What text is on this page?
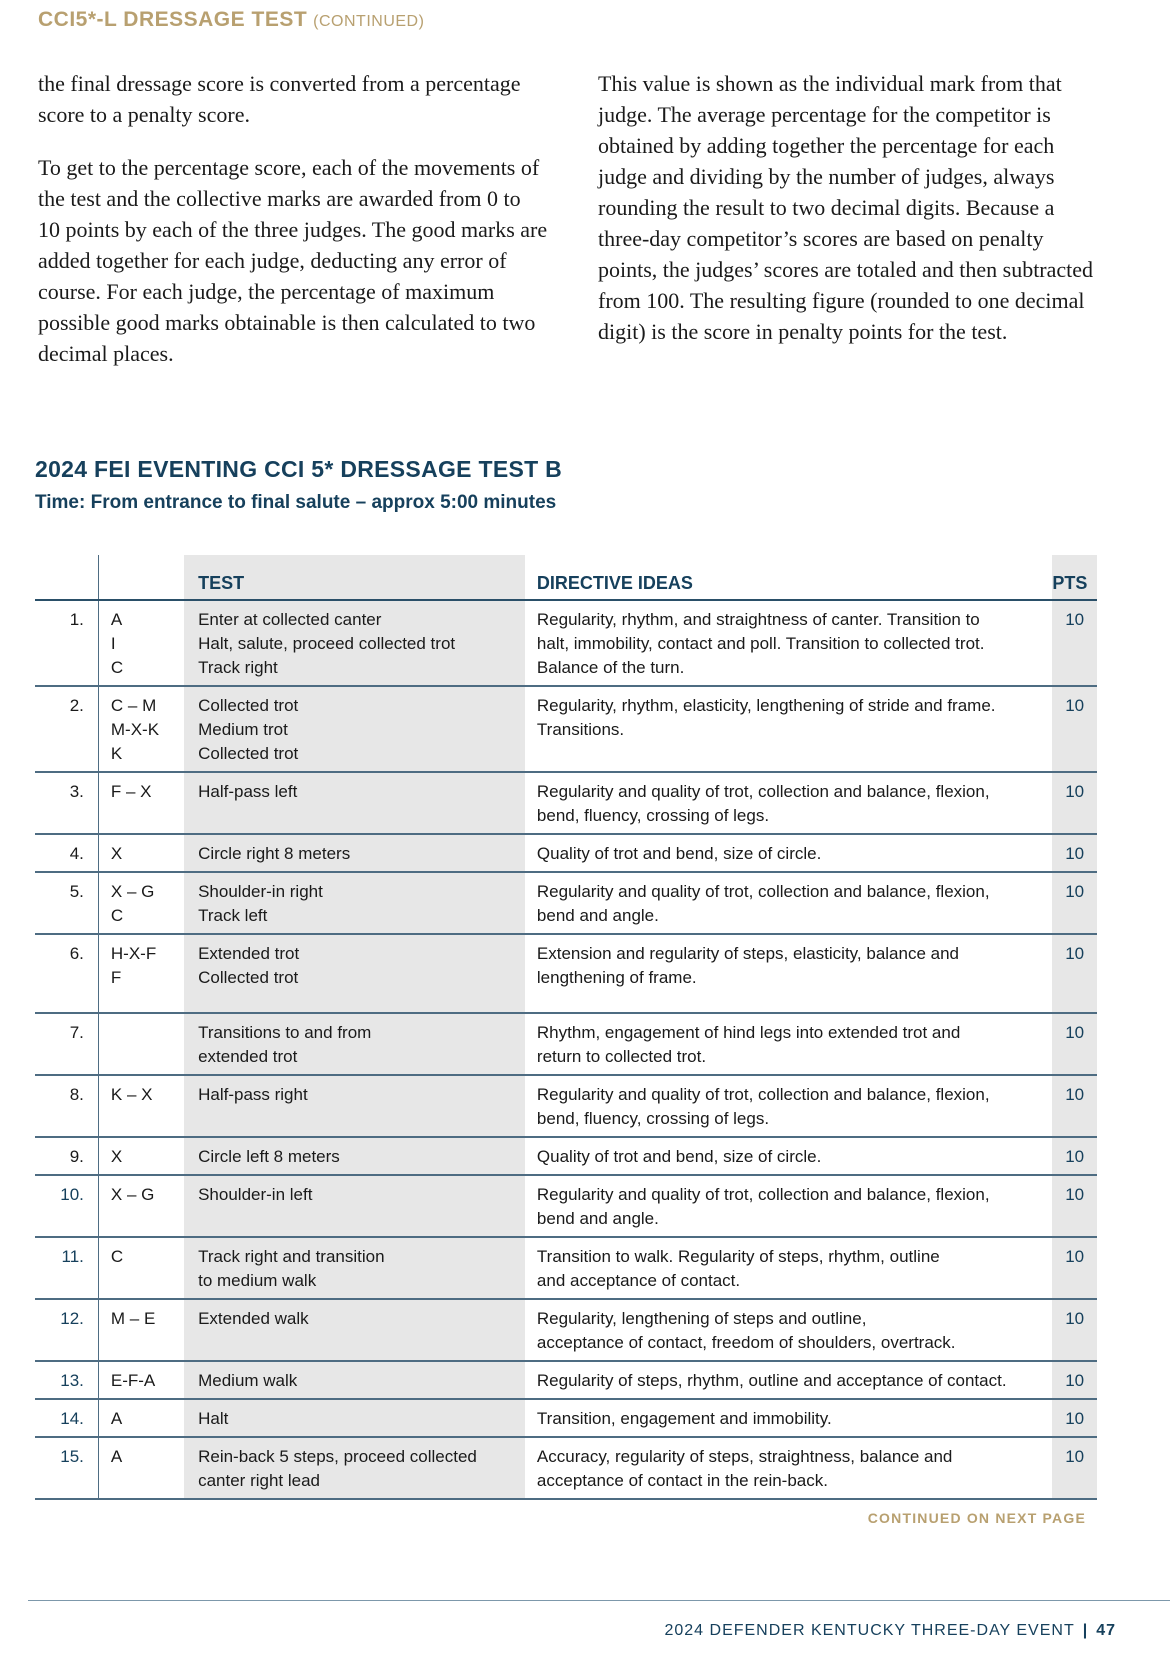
CCI5*-L DRESSAGE TEST (CONTINUED)

the final dressage score is converted from a percentage score to a penalty score.

To get to the percentage score, each of the movements of the test and the collective marks are awarded from 0 to 10 points by each of the three judges. The good marks are added together for each judge, deducting any error of course. For each judge, the percentage of maximum possible good marks obtainable is then calculated to two decimal places.

This value is shown as the individual mark from that judge. The average percentage for the competitor is obtained by adding together the percentage for each judge and dividing by the number of judges, always rounding the result to two decimal digits. Because a three-day competitor’s scores are based on penalty points, the judges’ scores are totaled and then subtracted from 100. The resulting figure (rounded to one decimal digit) is the score in penalty points for the test.

2024 FEI EVENTING CCI 5* DRESSAGE TEST B
Time: From entrance to final salute – approx 5:00 minutes
		TEST	DIRECTIVE IDEAS	PTS
1.	A
I
C	Enter at collected canter
Halt, salute, proceed collected trot
Track right	Regularity, rhythm, and straightness of canter. Transition to
halt, immobility, contact and poll. Transition to collected trot.
Balance of the turn.	10
2.	C – M
M-X-K
K	Collected trot
Medium trot
Collected trot	Regularity, rhythm, elasticity, lengthening of stride and frame.
Transitions.	10
3.	F – X	Half-pass left	Regularity and quality of trot, collection and balance, flexion,
bend, fluency, crossing of legs.	10
4.	X	Circle right 8 meters	Quality of trot and bend, size of circle.	10
5.	X – G
C	Shoulder-in right
Track left	Regularity and quality of trot, collection and balance, flexion,
bend and angle.	10
6.	H-X-F
F	Extended trot
Collected trot	Extension and regularity of steps, elasticity, balance and
lengthening of frame.	10
7.		Transitions to and from
extended trot	Rhythm, engagement of hind legs into extended trot and
return to collected trot.	10
8.	K – X	Half-pass right	Regularity and quality of trot, collection and balance, flexion,
bend, fluency, crossing of legs.	10
9.	X	Circle left 8 meters	Quality of trot and bend, size of circle.	10
10.	X – G	Shoulder-in left	Regularity and quality of trot, collection and balance, flexion,
bend and angle.	10
11.	C	Track right and transition
to medium walk	Transition to walk. Regularity of steps, rhythm, outline
and acceptance of contact.	10
12.	M – E	Extended walk	Regularity, lengthening of steps and outline,
acceptance of contact, freedom of shoulders, overtrack.	10
13.	E-F-A	Medium walk	Regularity of steps, rhythm, outline and acceptance of contact.	10
14.	A	Halt	Transition, engagement and immobility.	10
15.	A	Rein-back 5 steps, proceed collected
canter right lead	Accuracy, regularity of steps, straightness, balance and
acceptance of contact in the rein-back.	10
CONTINUED ON NEXT PAGE
2024 DEFENDER KENTUCKY THREE-DAY EVENT | 47
